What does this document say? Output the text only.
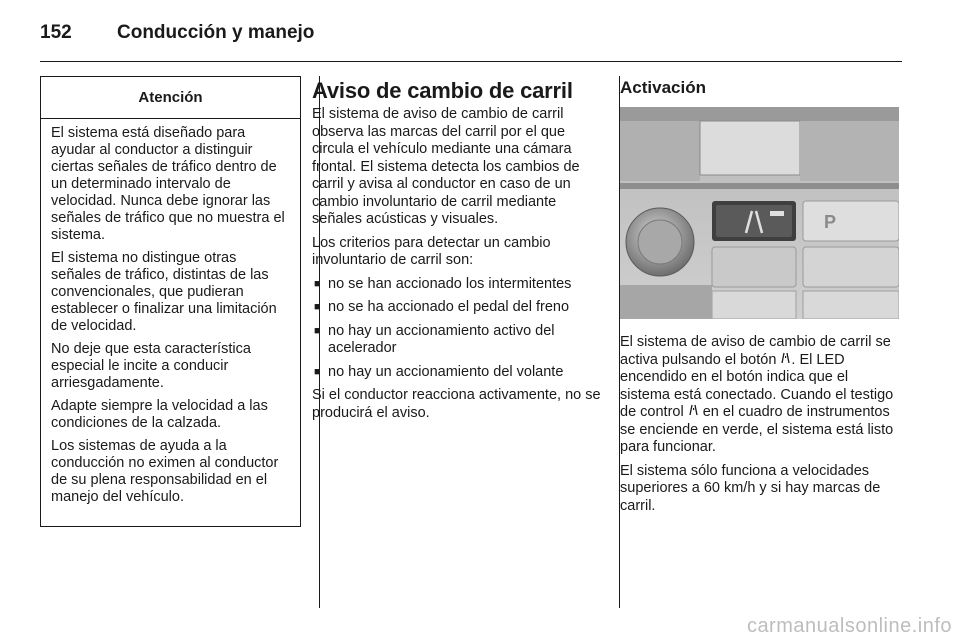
152 Conducción y manejo
Atención

El sistema está diseñado para ayudar al conductor a distinguir ciertas señales de tráfico dentro de un determinado intervalo de velocidad. Nunca debe ignorar las señales de tráfico que no muestra el sistema.

El sistema no distingue otras señales de tráfico, distintas de las convencionales, que pudieran establecer o finalizar una limitación de velocidad.

No deje que esta característica especial le incite a conducir arriesgadamente.

Adapte siempre la velocidad a las condiciones de la calzada.

Los sistemas de ayuda a la conducción no eximen al conductor de su plena responsabilidad en el manejo del vehículo.

Aviso de cambio de carril

El sistema de aviso de cambio de carril observa las marcas del carril por el que circula el vehículo mediante una cámara frontal. El sistema detecta los cambios de carril y avisa al conductor en caso de un cambio involuntario de carril mediante señales acústicas y visuales.

Los criterios para detectar un cambio involuntario de carril son:

■ no se han accionado los intermitentes
■ no se ha accionado el pedal del freno
■ no hay un accionamiento activo del acelerador
■ no hay un accionamiento del volante

Si el conductor reacciona activamente, no se producirá el aviso.

Activación
P

El sistema de aviso de cambio de carril se activa pulsando el botón . El LED encendido en el botón indica que el sistema está conectado. Cuando el testigo de control  en el cuadro de instrumentos se enciende en verde, el sistema está listo para funcionar.

El sistema sólo funciona a velocidades superiores a 60 km/h y si hay marcas de carril.

carmanualsonline.info
